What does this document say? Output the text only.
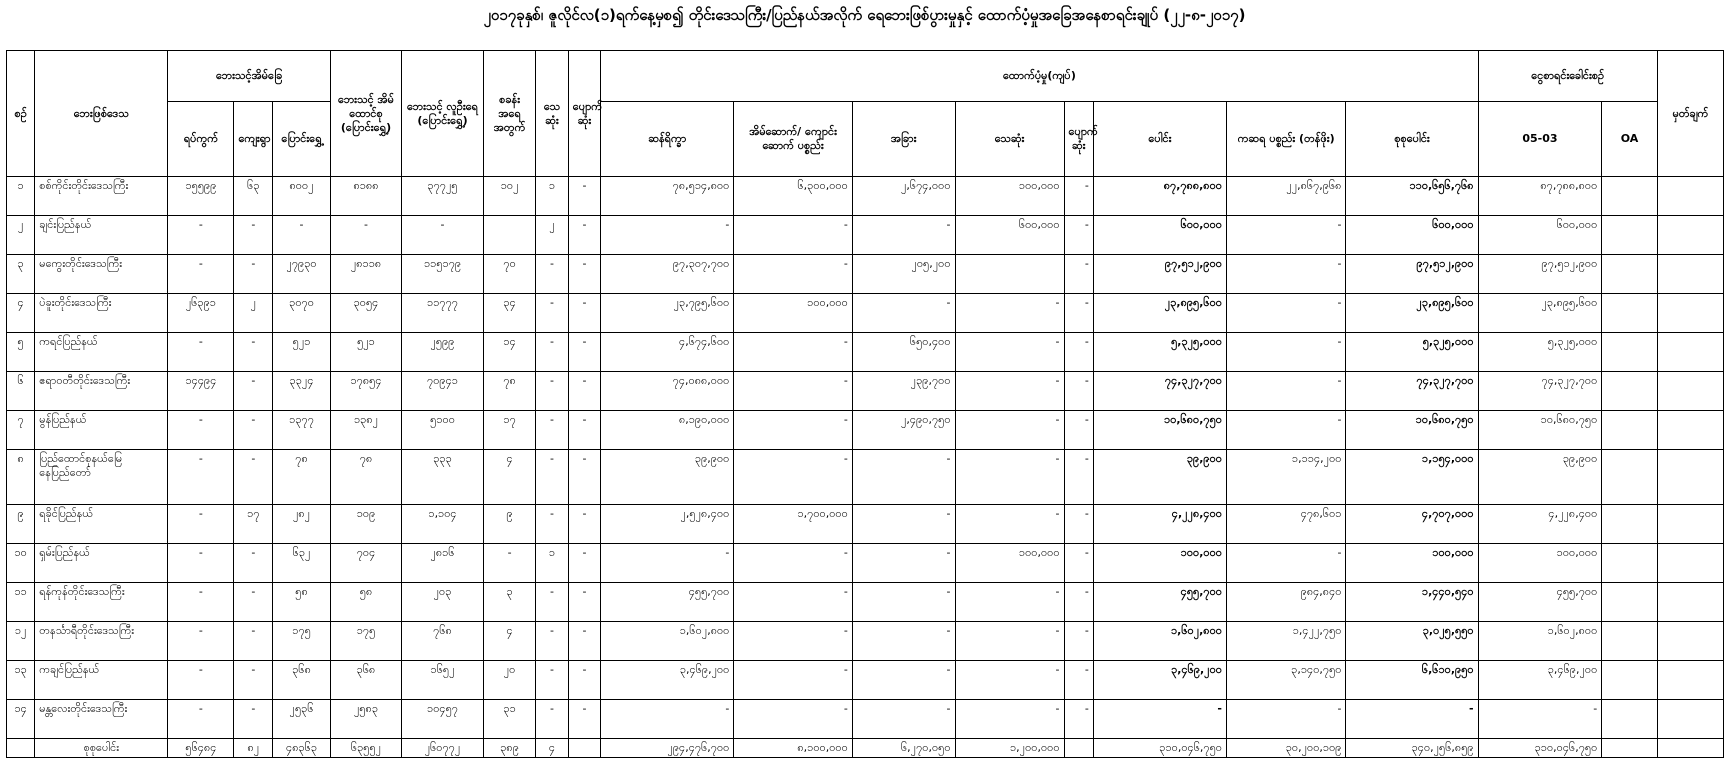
၂၀၁၇ခုနှစ်၊ ဇူလိုင်လ(၁)ရက်နေ့မှစ၍ တိုင်းဒေသကြီး/ပြည်နယ်အလိုက် ရေဘေးဖြစ်ပွားမှုနှင့် ထောက်ပံ့မှုအခြေအနေစာရင်းချုပ် (၂၂-၈-၂၀၁၇)
စဉ်	ဘေးဖြစ်ဒေသ	ဘေးသင့်အိမ်ခြေ			ဘေးသင့် အိမ် ထောင်စု (ပြောင်းရွှေ့)	ဘေးသင့် လူဦးရေ (ပြောင်းရွှေ့)	စခန်း အရေ အတွက်	သေ ဆုံး	ပျောက် ဆုံး	ထောက်ပံ့မှု(ကျပ်)								ငွေစာရင်းခေါင်းစဉ်		မှတ်ချက်
		ရပ်ကွက်	ကျေးရွာ	ပြောင်းရွှေ့						ဆန်ရိက္ခာ	အိမ်ဆောက်/ ကျောင်းဆောက် ပစ္စည်း	အခြား	သေဆုံး	ပျောက် ဆုံး	ပေါင်း	ကဆရ ပစ္စည်း (တန်ဖိုး)	စုစုပေါင်း	05-03	OA	
၁	စစ်ကိုင်းတိုင်းဒေသကြီး	၁၅၅၉၉	၆၃	၈၀၀၂	၈၁၈၈	၃၇၇၂၅	၁၀၂	၁	-	၇၈,၅၁၄,၈၀၀	၆,၃၀၀,၀၀၀	၂,၆၇၄,၀၀၀	၁၀၀,၀၀၀	-	၈၇,၇၈၈,၈၀၀	၂၂,၈၆၇,၉၆၈	၁၁၀,၆၅၆,၇၆၈	၈၇,၇၈၈,၈၀၀		
၂	ချင်းပြည်နယ်	-	-	-	-	-		၂	-	-	-	-	၆၀၀,၀၀၀	-	၆၀၀,၀၀၀	-	၆၀၀,၀၀၀	၆၀၀,၀၀၀		
၃	မကွေးတိုင်းဒေသကြီး	-	-	၂၇၉၃၀	၂၈၁၁၈	၁၁၅၁၇၉	၇၀	-	-	၉၇,၃၀၇,၇၀၀	-	၂၀၅,၂၀၀		-	၉၇,၅၁၂,၉၀၀	-	၉၇,၅၁၂,၉၀၀	၉၇,၅၁၂,၉၀၀		
၄	ပဲခူးတိုင်းဒေသကြီး	၂၆၃၉၁	၂	၃၀၇၀	၃၀၅၄	၁၁၇၇၇	၃၄	-	-	၂၃,၇၉၅,၆၀၀	၁၀၀,၀၀၀	-	-	-	၂၃,၈၉၅,၆၀၀	-	၂၃,၈၉၅,၆၀၀	၂၃,၈၉၅,၆၀၀		
၅	ကရင်ပြည်နယ်	-	-	၅၂၁	၅၂၁	၂၅၉၉	၁၄	-	-	၄,၆၇၄,၆၀၀	-	၆၅၀,၄၀၀	-	-	၅,၃၂၅,၀၀၀	-	၅,၃၂၅,၀၀၀	၅,၃၂၅,၀၀၀		
၆	ဧရာဝတီတိုင်းဒေသကြီး	၁၄၄၉၄	-	၃၃၂၄	၁၇၈၅၄	၇၀၉၄၁	၇၈	-	-	၇၄,၀၈၈,၀၀၀	-	၂၃၉,၇၀၀	-	-	၇၄,၃၂၇,၇၀၀	-	၇၄,၃၂၇,၇၀၀	၇၄,၃၂၇,၇၀၀		
၇	မွန်ပြည်နယ်	-	-	၁၃၇၇	၁၃၈၂	၅၁၀၀	၁၇	-	-	၈,၁၉၀,၀၀၀	-	၂,၄၉၀,၇၅၀	-	-	၁၀,၆၈၀,၇၅၀	-	၁၀,၆၈၀,၇၅၀	၁၀,၆၈၀,၇၅၀		
၈	ပြည်ထောင်စုနယ်မြေ နေပြည်တော်	-	-	၇၈	၇၈	၃၃၃	၄	-	-	၃၉,၉၀၀	-	-	-	-	၃၉,၉၀၀	၁,၁၁၄,၂၀၀	၁,၁၅၄,၀၀၀	၃၉,၉၀၀		
၉	ရခိုင်ပြည်နယ်	-	၁၇	၂၈၂	၁၀၉	၁,၁၀၄	၉	-	-	၂,၅၂၈,၄၀၀	၁,၇၀၀,၀၀၀	-	-	-	၄,၂၂၈,၄၀၀	၄၇၈,၆၀၁	၄,၇၀၇,၀၀၀	၄,၂၂၈,၄၀၀		
၁၀	ရှမ်းပြည်နယ်	-	-	၆၃၂	၇၀၄	၂၈၁၆	-	၁	-	-	-	-	၁၀၀,၀၀၀	-	၁၀၀,၀၀၀	-	၁၀၀,၀၀၀	၁၀၀,၀၀၀		
၁၁	ရန်ကုန်တိုင်းဒေသကြီး	-	-	၅၈	၅၈	၂၀၃	၃	-	-	၄၅၅,၇၀၀	-	-	-	-	၄၅၅,၇၀၀	၉၈၄,၈၄၀	၁,၄၄၀,၅၄၀	၄၅၅,၇၀၀		
၁၂	တနင်္သာရီတိုင်းဒေသကြီး	-	-	၁၇၅	၁၇၅	၇၆၈	၄	-	-	၁,၆၀၂,၈၀၀	-	-	-	-	၁,၆၀၂,၈၀၀	၁,၄၂၂,၇၅၀	၃,၀၂၅,၅၅၀	၁,၆၀၂,၈၀၀		
၁၃	ကချင်ပြည်နယ်	-	-	၃၆၈	၃၆၈	၁၆၅၂	၂၀	-	-	၃,၄၆၉,၂၀၀	-	-	-	-	၃,၄၆၉,၂၀၀	၃,၁၄၀,၇၅၀	၆,၆၁၀,၉၅၀	၃,၄၆၉,၂၀၀		
၁၄	မန္တလေးတိုင်းဒေသကြီး	-	-	၂၅၃၆	၂၅၈၃	၁၀၄၅၇	၃၁	-	-	-	-	-	-	-	-	-	-	-		
	စုစုပေါင်း	၅၆၄၈၄	၈၂	၄၈၃၆၃	၆၃၅၅၂	၂၆၀၇၇၂	၃၈၉	၄		၂၉၄,၄၇၆,၇၀၀	၈,၁၀၀,၀၀၀	၆,၂၇၀,၀၅၀	၁,၂၀၀,၀၀၀		၃၁၀,၀၄၆,၇၅၀	၃၀,၂၀၀,၁၀၉	၃၄၀,၂၅၆,၈၅၉	၃၁၀,၀၄၆,၇၅၀		
